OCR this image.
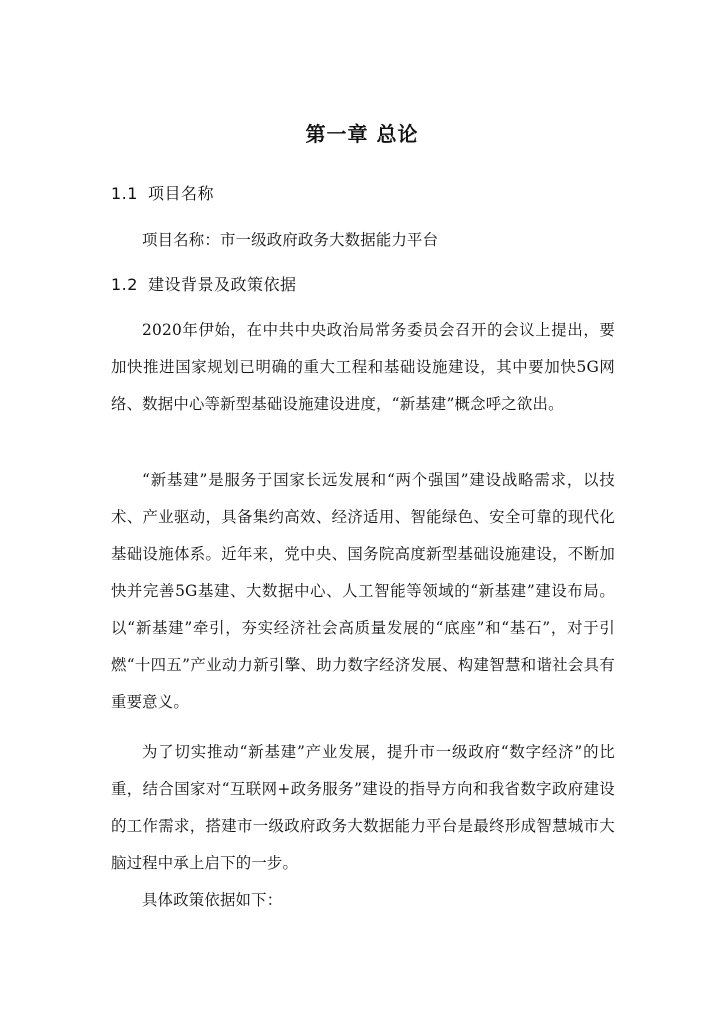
第一章 总论
1.1 项目名称

项目名称：市一级政府政务大数据能力平台

1.2 建设背景及政策依据

2020年伊始，在中共中央政治局常务委员会召开的会议上提出，要加快推进国家规划已明确的重大工程和基础设施建设，其中要加快5G网络、数据中心等新型基础设施建设进度，“新基建”概念呼之欲出。

“新基建”是服务于国家长远发展和“两个强国”建设战略需求，以技术、产业驱动，具备集约高效、经济适用、智能绿色、安全可靠的现代化基础设施体系。近年来，党中央、国务院高度新型基础设施建设，不断加快并完善5G基建、大数据中心、人工智能等领域的“新基建”建设布局。以“新基建”牵引，夯实经济社会高质量发展的“底座”和“基石”，对于引燃“十四五”产业动力新引擎、助力数字经济发展、构建智慧和谐社会具有重要意义。

为了切实推动“新基建”产业发展，提升市一级政府“数字经济”的比重，结合国家对“互联网+政务服务”建设的指导方向和我省数字政府建设的工作需求，搭建市一级政府政务大数据能力平台是最终形成智慧城市大脑过程中承上启下的一步。

具体政策依据如下：
